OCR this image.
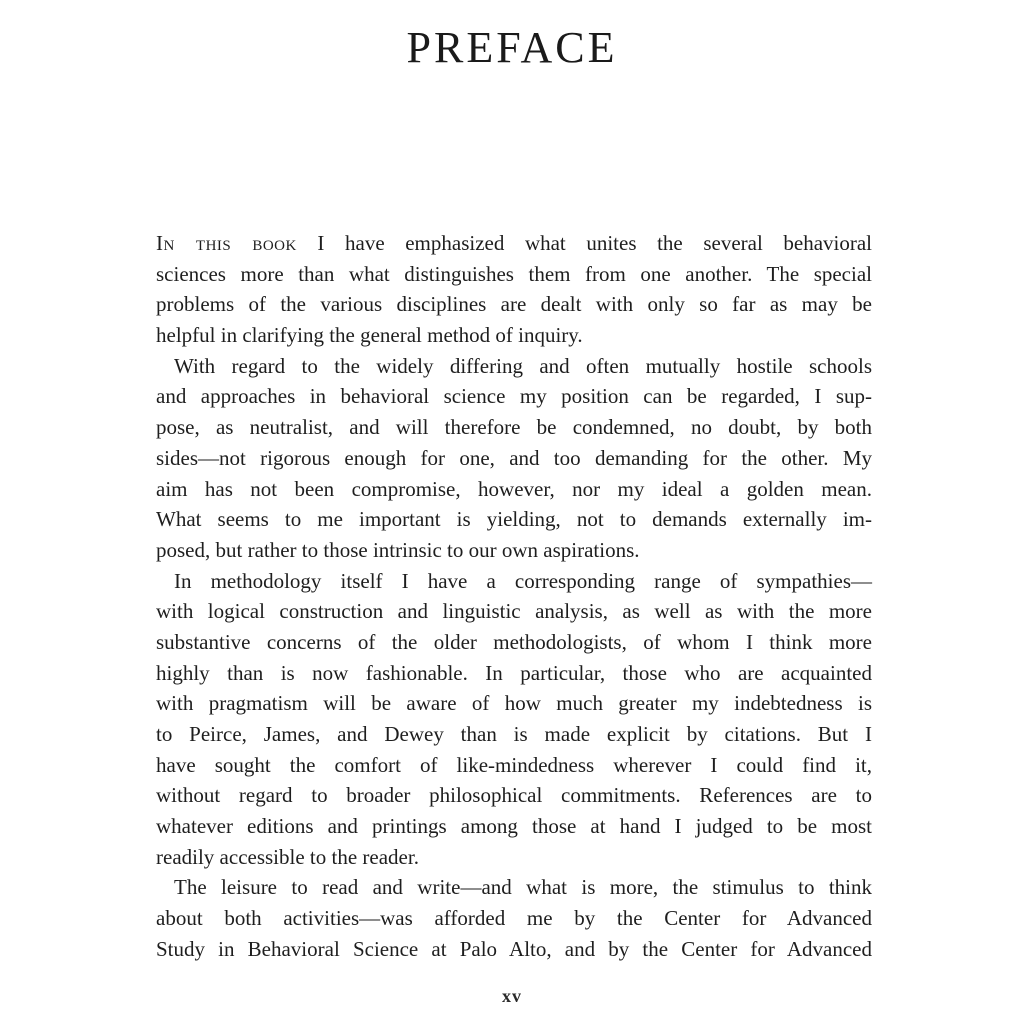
PREFACE
In this book I have emphasized what unites the several behavioral
sciences more than what distinguishes them from one another. The special
problems of the various disciplines are dealt with only so far as may be
helpful in clarifying the general method of inquiry.
With regard to the widely differing and often mutually hostile schools
and approaches in behavioral science my position can be regarded, I sup-
pose, as neutralist, and will therefore be condemned, no doubt, by both
sides—not rigorous enough for one, and too demanding for the other. My
aim has not been compromise, however, nor my ideal a golden mean.
What seems to me important is yielding, not to demands externally im-
posed, but rather to those intrinsic to our own aspirations.
In methodology itself I have a corresponding range of sympathies—
with logical construction and linguistic analysis, as well as with the more
substantive concerns of the older methodologists, of whom I think more
highly than is now fashionable. In particular, those who are acquainted
with pragmatism will be aware of how much greater my indebtedness is
to Peirce, James, and Dewey than is made explicit by citations. But I
have sought the comfort of like-mindedness wherever I could find it,
without regard to broader philosophical commitments. References are to
whatever editions and printings among those at hand I judged to be most
readily accessible to the reader.
The leisure to read and write—and what is more, the stimulus to think
about both activities—was afforded me by the Center for Advanced
Study in Behavioral Science at Palo Alto, and by the Center for Advanced
xv
